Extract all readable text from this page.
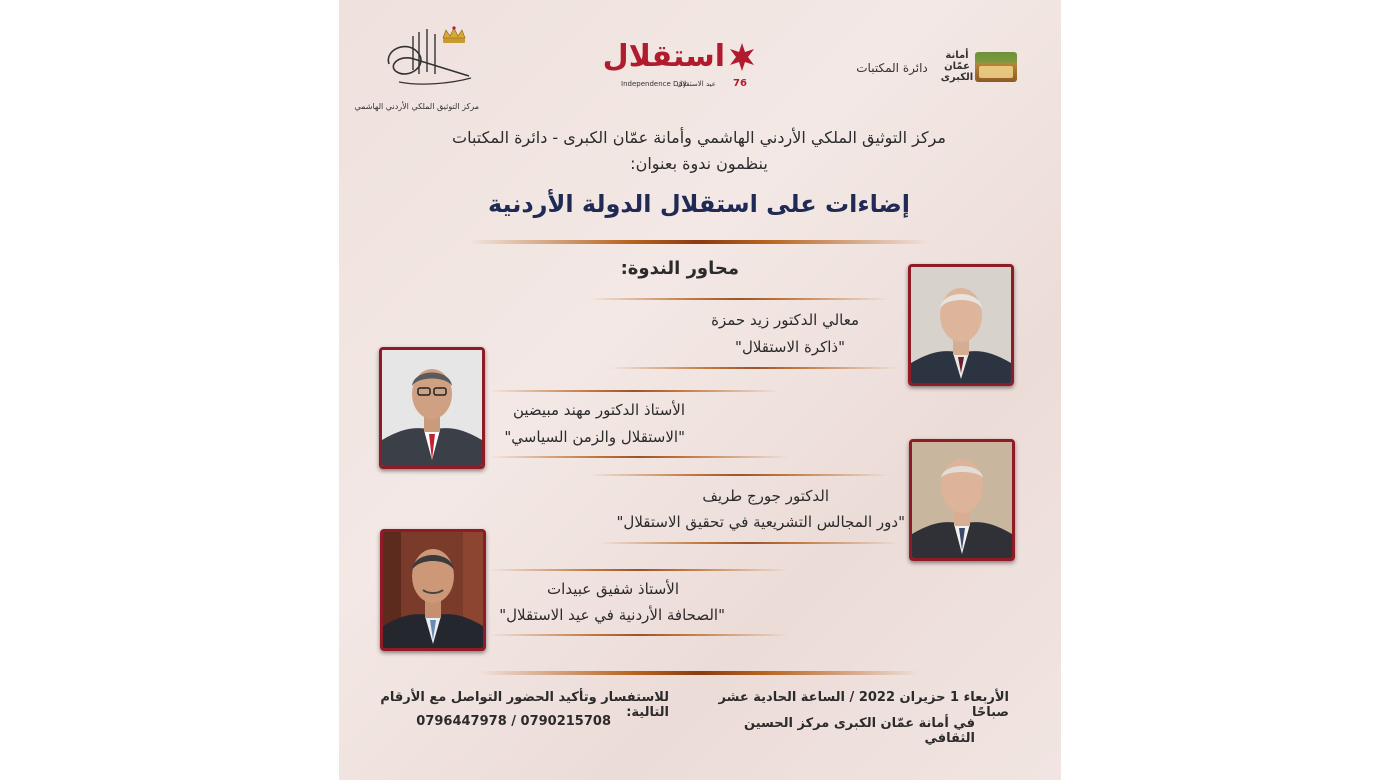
مركز التوثيق الملكي الأردني الهاشمي
استقلال
Independence Day
عيد الاستقلال 76
أمانة
عمّان
الكبرى
دائرة المكتبات
مركز التوثيق الملكي الأردني الهاشمي وأمانة عمّان الكبرى - دائرة المكتبات
ينظمون ندوة بعنوان:
إضاءات على استقلال الدولة الأردنية
محاور الندوة:
معالي الدكتور زيد حمزة
"ذاكرة الاستقلال"
الأستاذ الدكتور مهند مبيضين
"الاستقلال والزمن السياسي"
الدكتور جورج طريف
"دور المجالس التشريعية في تحقيق الاستقلال"
الأستاذ شفيق عبيدات
"الصحافة الأردنية في عيد الاستقلال"
الأربعاء 1 حزيران 2022 / الساعة الحادية عشر صباحًا
في أمانة عمّان الكبرى مركز الحسين الثقافي
للاستفسار وتأكيد الحضور التواصل مع الأرقام التالية:
0796447978 / 0790215708
